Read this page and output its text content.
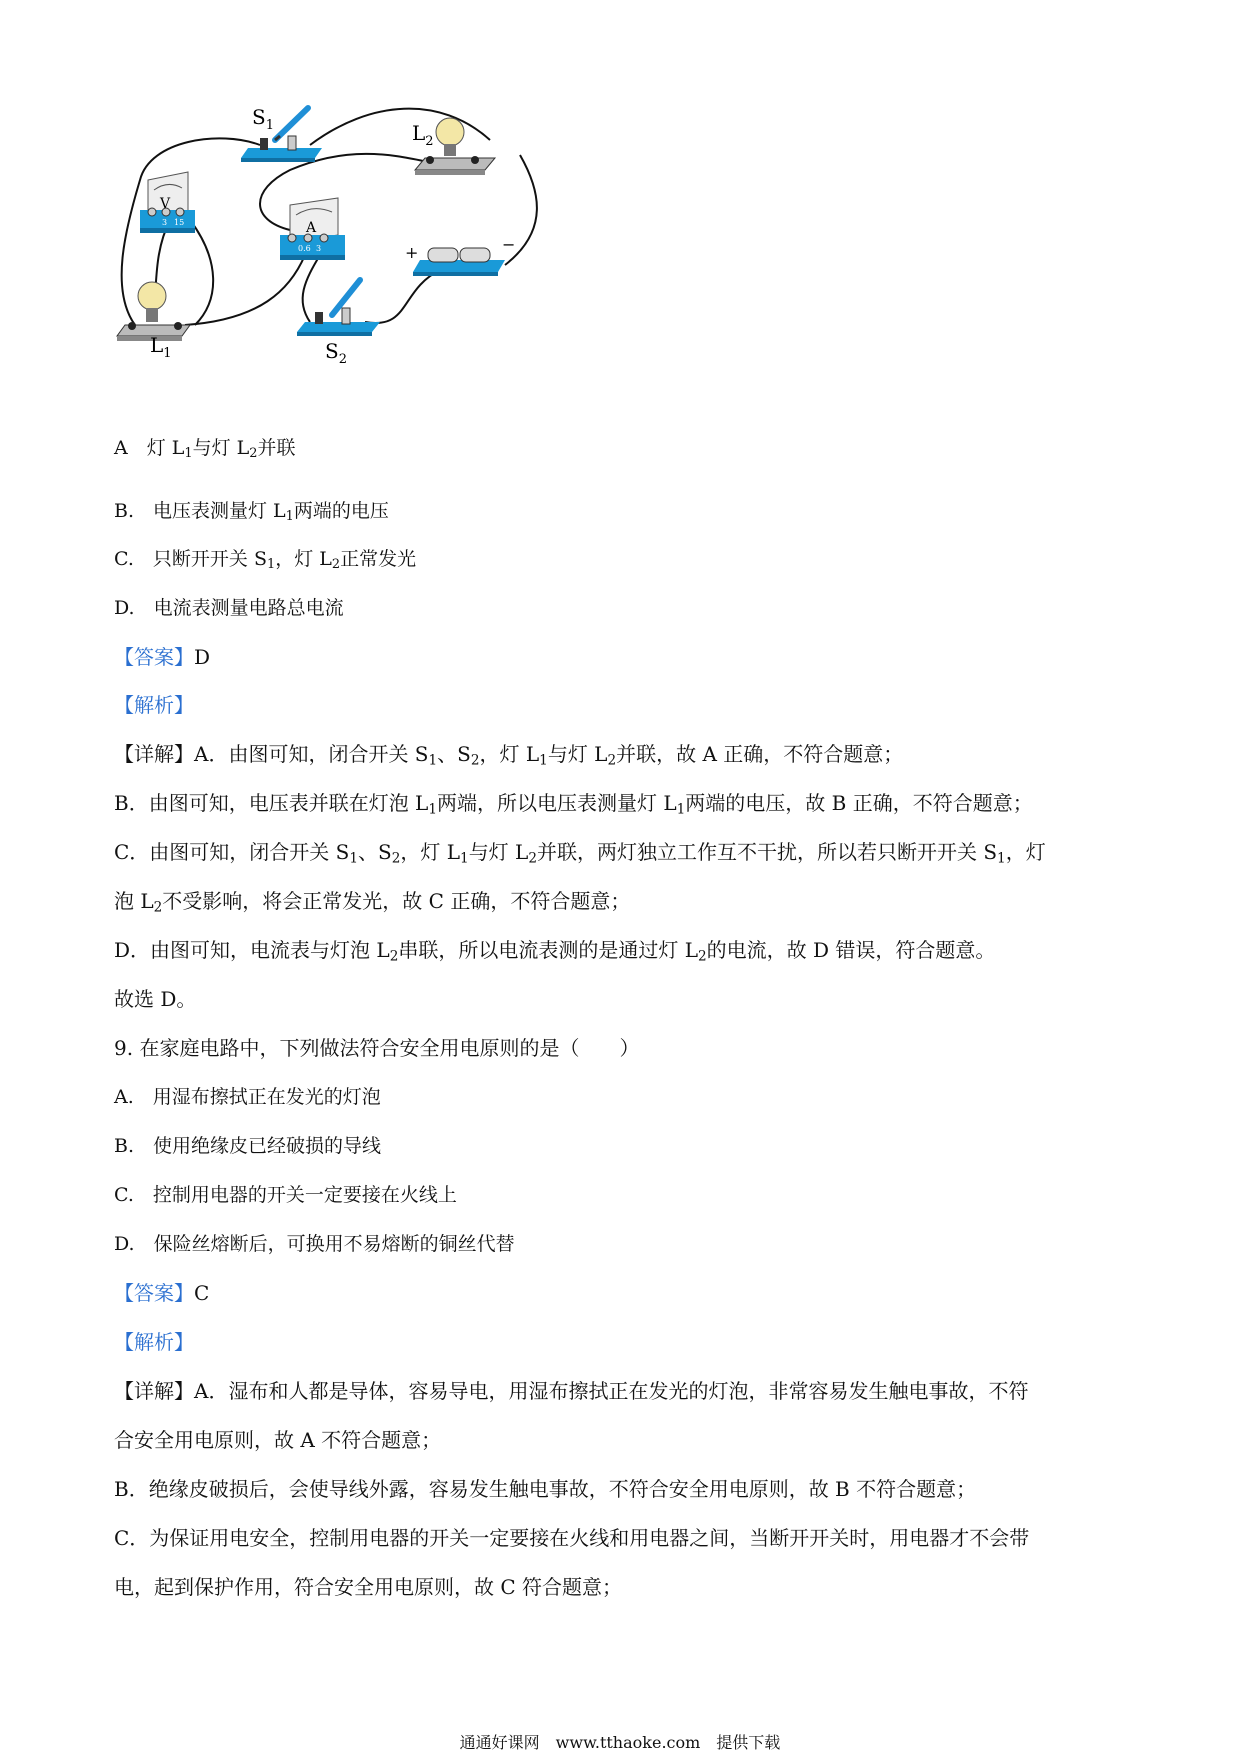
$S_1$	$L_2$
V
3 15	A
0.6 3	+	−
$L_1$	$S_2$
A　灯 $L_1$与灯 $L_2$并联
B.　电压表测量灯 $L_1$两端的电压
C.　只断开开关 $S_1$，灯 $L_2$正常发光
D.　电流表测量电路总电流
【答案】D
【解析】
【详解】A．由图可知，闭合开关 $S_1$、$S_2$，灯 $L_1$与灯 $L_2$并联，故 A 正确，不符合题意；
B．由图可知，电压表并联在灯泡 $L_1$两端，所以电压表测量灯 $L_1$两端的电压，故 B 正确，不符合题意；
C．由图可知，闭合开关 $S_1$、$S_2$，灯 $L_1$与灯 $L_2$并联，两灯独立工作互不干扰，所以若只断开开关 $S_1$，灯
泡 $L_2$不受影响，将会正常发光，故 C 正确，不符合题意；
D．由图可知，电流表与灯泡 $L_2$串联，所以电流表测的是通过灯 $L_2$的电流，故 D 错误，符合题意。
故选 D。
9. 在家庭电路中，下列做法符合安全用电原则的是（　　）
A.　用湿布擦拭正在发光的灯泡
B.　使用绝缘皮已经破损的导线
C.　控制用电器的开关一定要接在火线上
D.　保险丝熔断后，可换用不易熔断的铜丝代替
【答案】C
【解析】
【详解】A．湿布和人都是导体，容易导电，用湿布擦拭正在发光的灯泡，非常容易发生触电事故，不符
合安全用电原则，故 A 不符合题意；
B．绝缘皮破损后，会使导线外露，容易发生触电事故，不符合安全用电原则，故 B 不符合题意；
C．为保证用电安全，控制用电器的开关一定要接在火线和用电器之间，当断开开关时，用电器才不会带
电，起到保护作用，符合安全用电原则，故 C 符合题意；
通通好课网　www.tthaoke.com　提供下载
